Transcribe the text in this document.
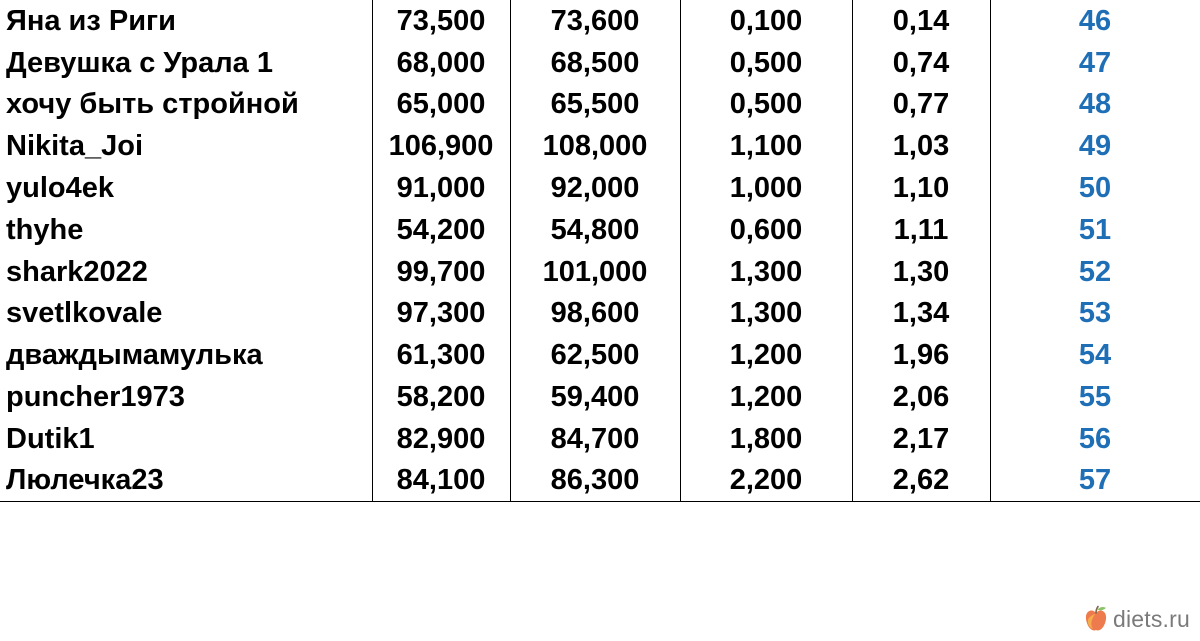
Яна из Риги	73,500	73,600	0,100	0,14	46
Девушка с Урала 1	68,000	68,500	0,500	0,74	47
хочу быть стройной	65,000	65,500	0,500	0,77	48
Nikita_Joi	106,900	108,000	1,100	1,03	49
yulo4ek	91,000	92,000	1,000	1,10	50
thyhe	54,200	54,800	0,600	1,11	51
shark2022	99,700	101,000	1,300	1,30	52
svetlkovale	97,300	98,600	1,300	1,34	53
дваждымамулька	61,300	62,500	1,200	1,96	54
puncher1973	58,200	59,400	1,200	2,06	55
Dutik1	82,900	84,700	1,800	2,17	56
Люлечка23	84,100	86,300	2,200	2,62	57
diets.ru
